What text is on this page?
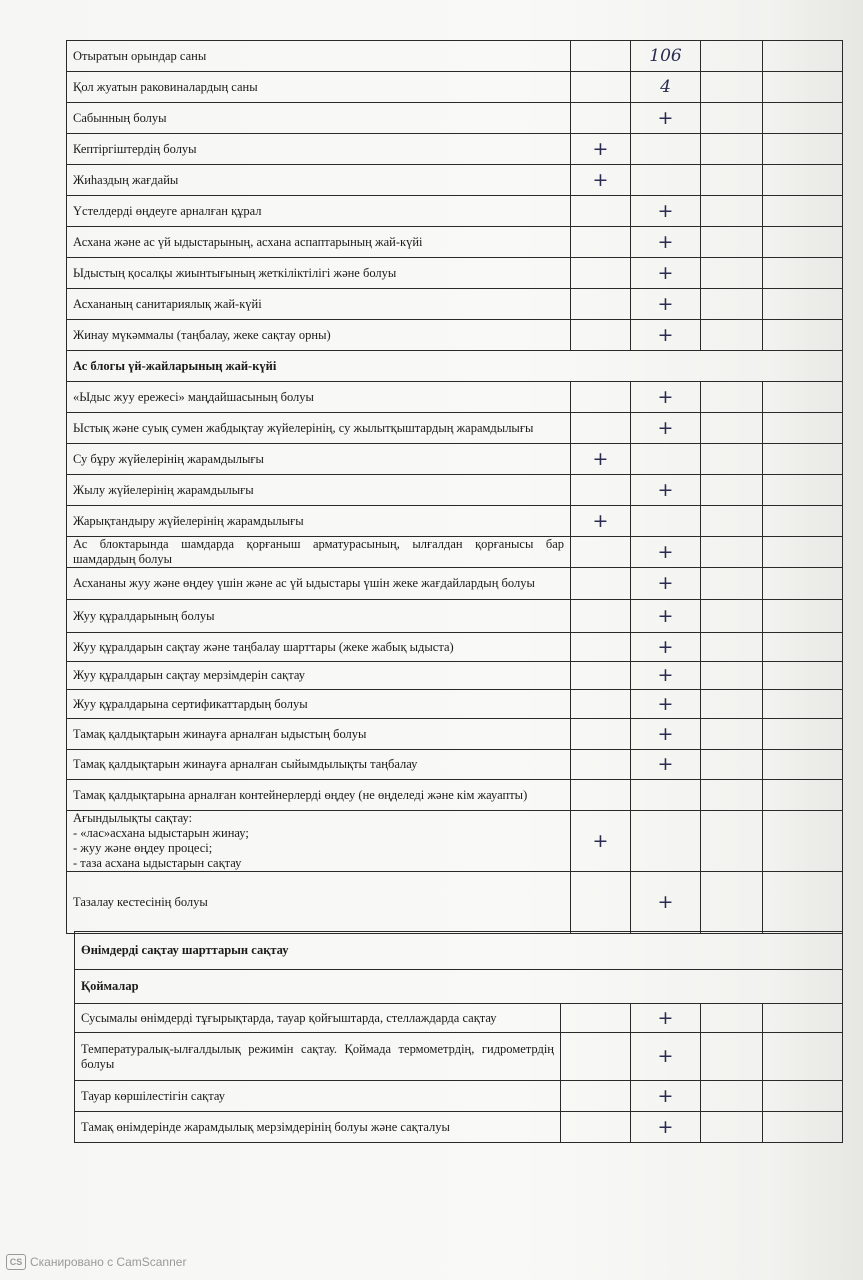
Отыратын орындар саны		106		
Қол жуатын раковиналардың саны		4		
Сабынның болуы		+		
Кептіргіштердің болуы	+			
Жиһаздың жағдайы	+			
Үстелдерді өңдеуге арналған құрал		+		
Асхана және ас үй ыдыстарының, асхана аспаптарының жай-күйі		+		
Ыдыстың қосалқы жиынтығының жеткіліктілігі және болуы		+		
Асхананың санитариялық жай-күйі		+		
Жинау мүкәммалы (таңбалау, жеке сақтау орны)		+		
Ас блогы үй-жайларының жай-күйі				
«Ыдыс жуу ережесі» маңдайшасының болуы		+		
Ыстық және суық сумен жабдықтау жүйелерінің, су жылытқыштардың жарамдылығы		+		
Су бұру жүйелерінің жарамдылығы	+			
Жылу жүйелерінің жарамдылығы		+		
Жарықтандыру жүйелерінің жарамдылығы	+			
Ас блоктарында шамдарда қорғаныш арматурасының, ылғалдан қорғанысы бар шамдардың болуы		+		
Асхананы жуу және өңдеу үшін және ас үй ыдыстары үшін жеке жағдайлардың болуы		+		
Жуу құралдарының болуы		+		
Жуу құралдарын сақтау және таңбалау шарттары (жеке жабық ыдыста)		+		
Жуу құралдарын сақтау мерзімдерін сақтау		+		
Жуу құралдарына сертификаттардың болуы		+		
Тамақ қалдықтарын жинауға арналған ыдыстың болуы		+		
Тамақ қалдықтарын жинауға арналған сыйымдылықты таңбалау		+		
Тамақ қалдықтарына арналған контейнерлерді өңдеу (не өңделеді және кім жауапты)				

Ағындылықты сақтау:
- «лас»асхана ыдыстарын жинау;
- жуу және өңдеу процесі;
- таза асхана ыдыстарын сақтау	+			
Тазалау кестесінің болуы		+		
Өнімдерді сақтау шарттарын сақтау				
Қоймалар				
Сусымалы өнімдерді тұғырықтарда, тауар қойғыштарда, стеллаждарда сақтау		+		
Температуралық-ылғалдылық режимін сақтау. Қоймада термометрдің, гидрометрдің болуы		+		
Тауар көршілестігін сақтау		+		
Тамақ өнімдерінде жарамдылық мерзімдерінің болуы және сақталуы		+		
CS Сканировано с CamScanner
